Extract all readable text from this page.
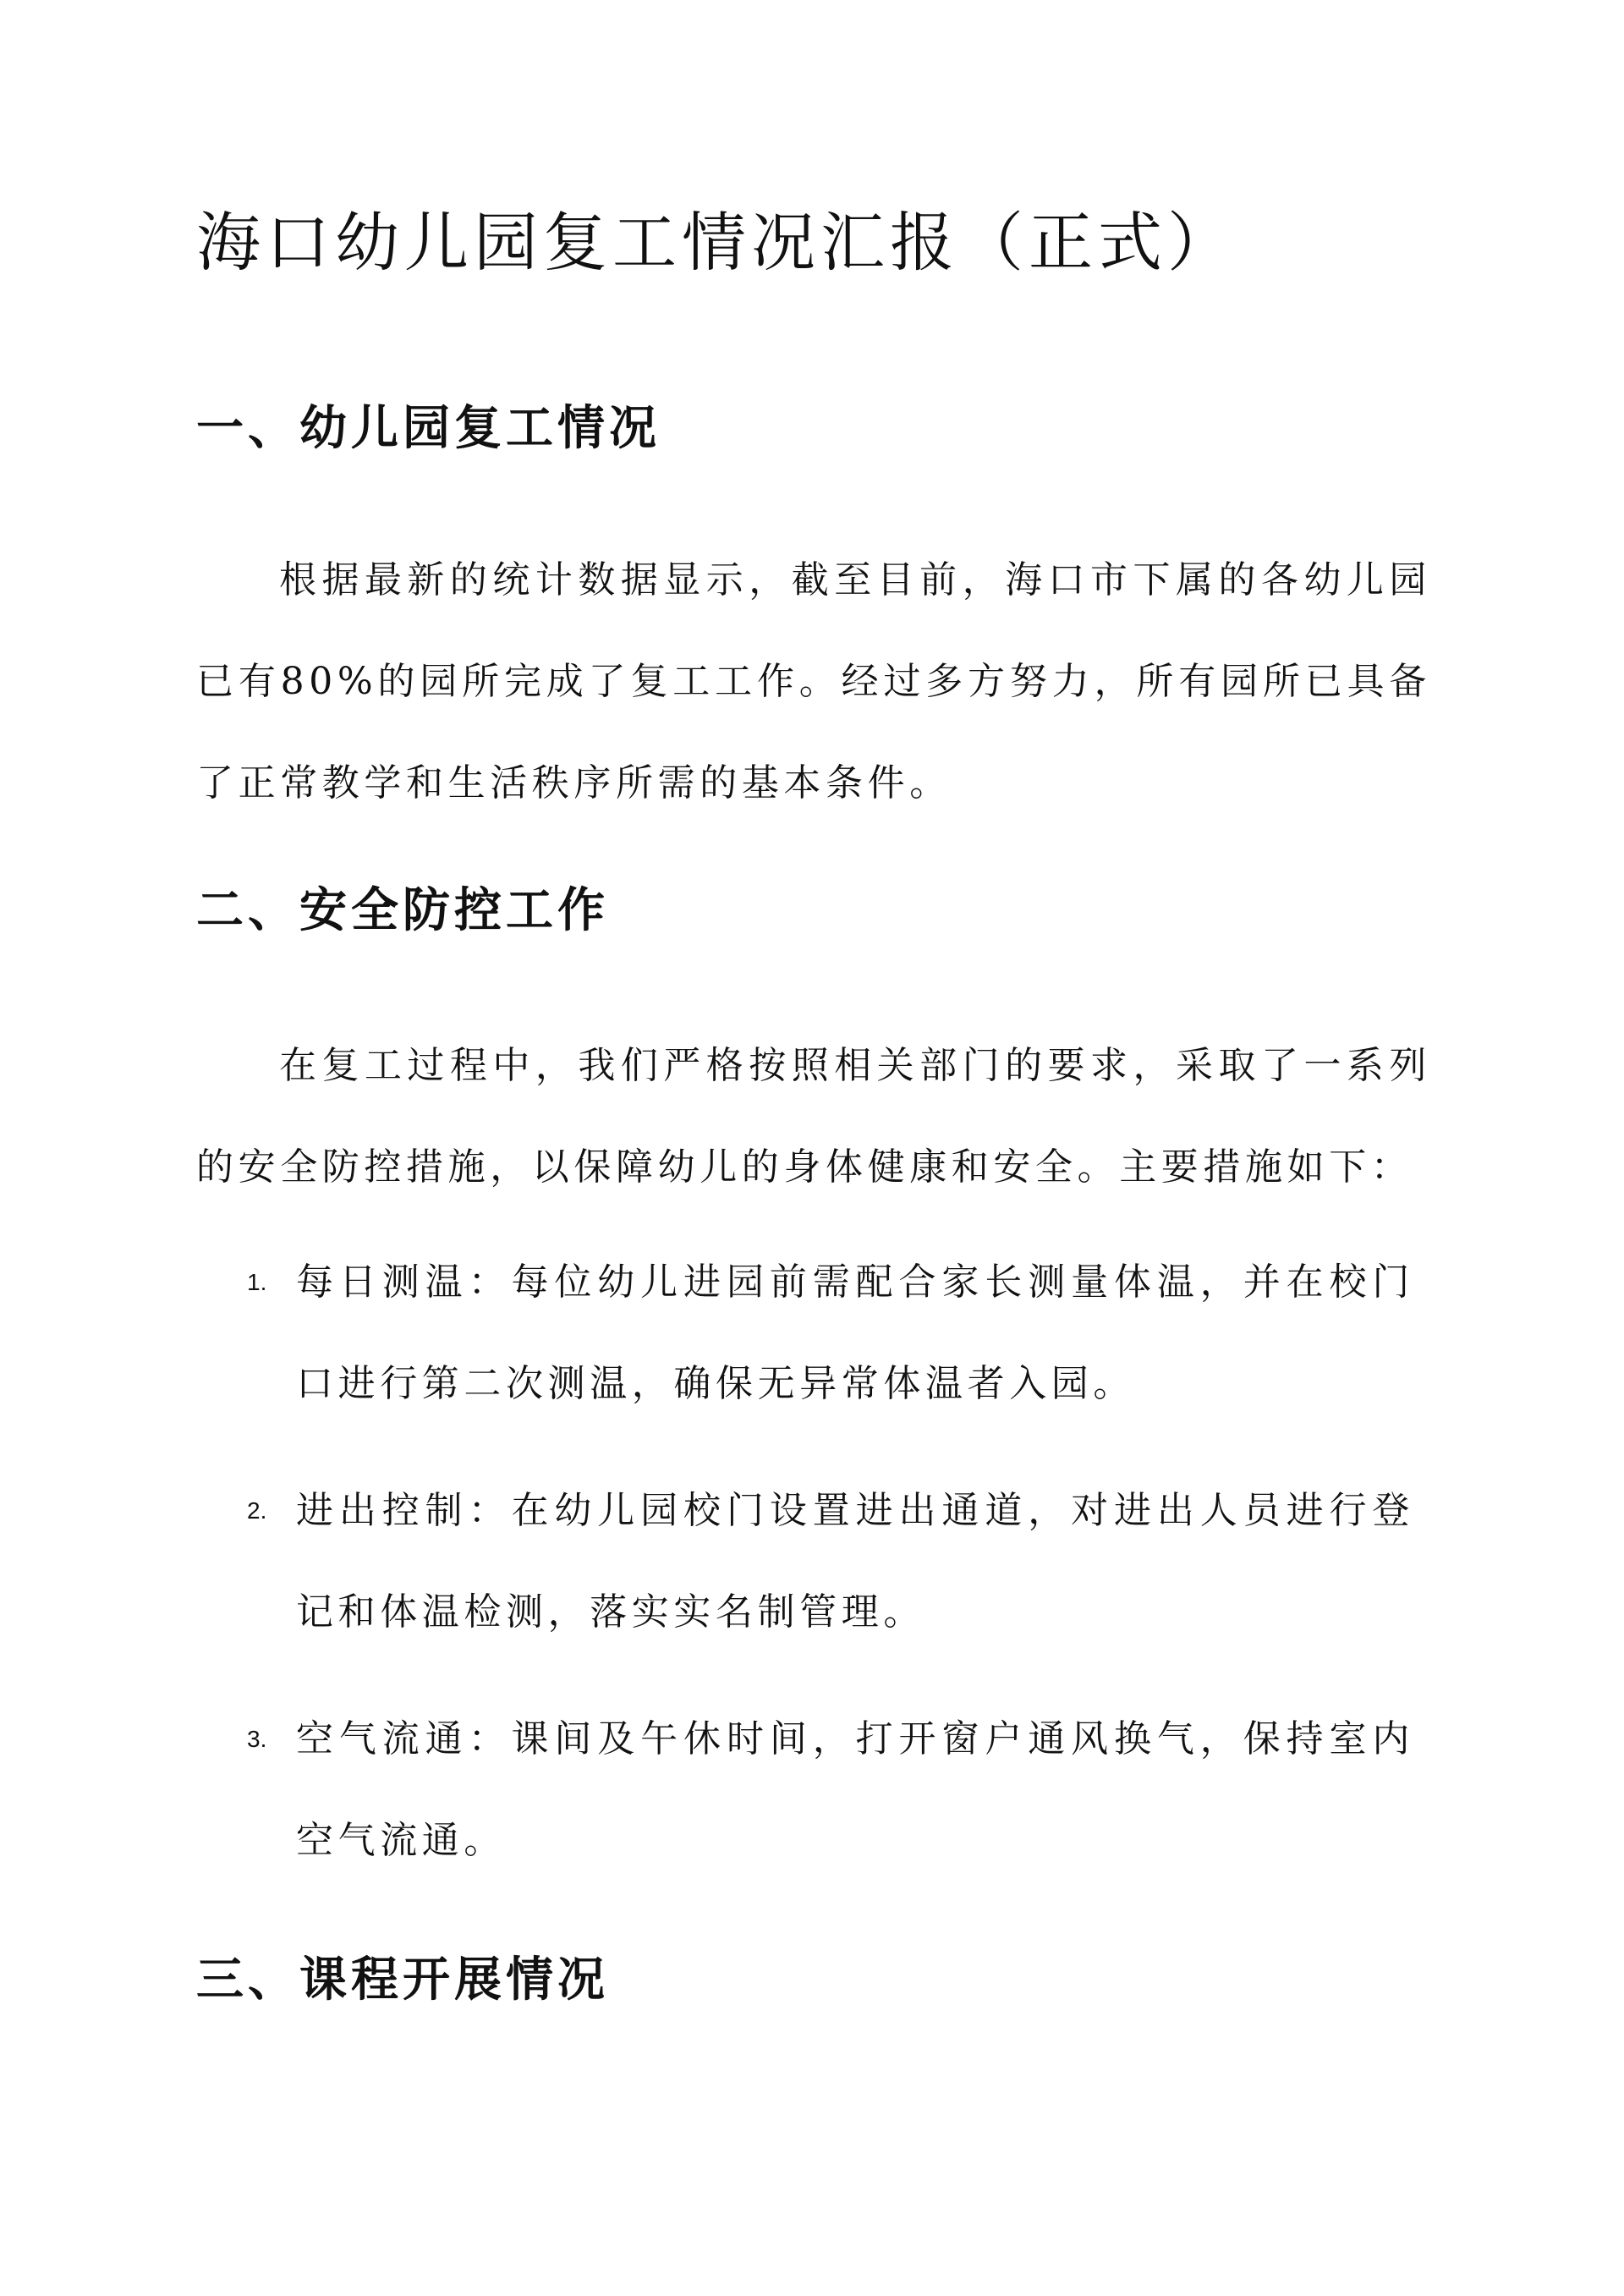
海口幼儿园复工情况汇报（正式）
一、幼儿园复工情况

根据最新的统计数据显示，截至目前，海口市下属的各幼儿园已有80%的园所完成了复工工作。经过多方努力，所有园所已具备了正常教学和生活秩序所需的基本条件。

二、安全防控工作

在复工过程中，我们严格按照相关部门的要求，采取了一系列的安全防控措施，以保障幼儿的身体健康和安全。主要措施如下：

1. 每日测温：每位幼儿进园前需配合家长测量体温，并在校门口进行第二次测温，确保无异常体温者入园。
2. 进出控制：在幼儿园校门设置进出通道，对进出人员进行登记和体温检测，落实实名制管理。
3. 空气流通：课间及午休时间，打开窗户通风换气，保持室内空气流通。
三、课程开展情况
